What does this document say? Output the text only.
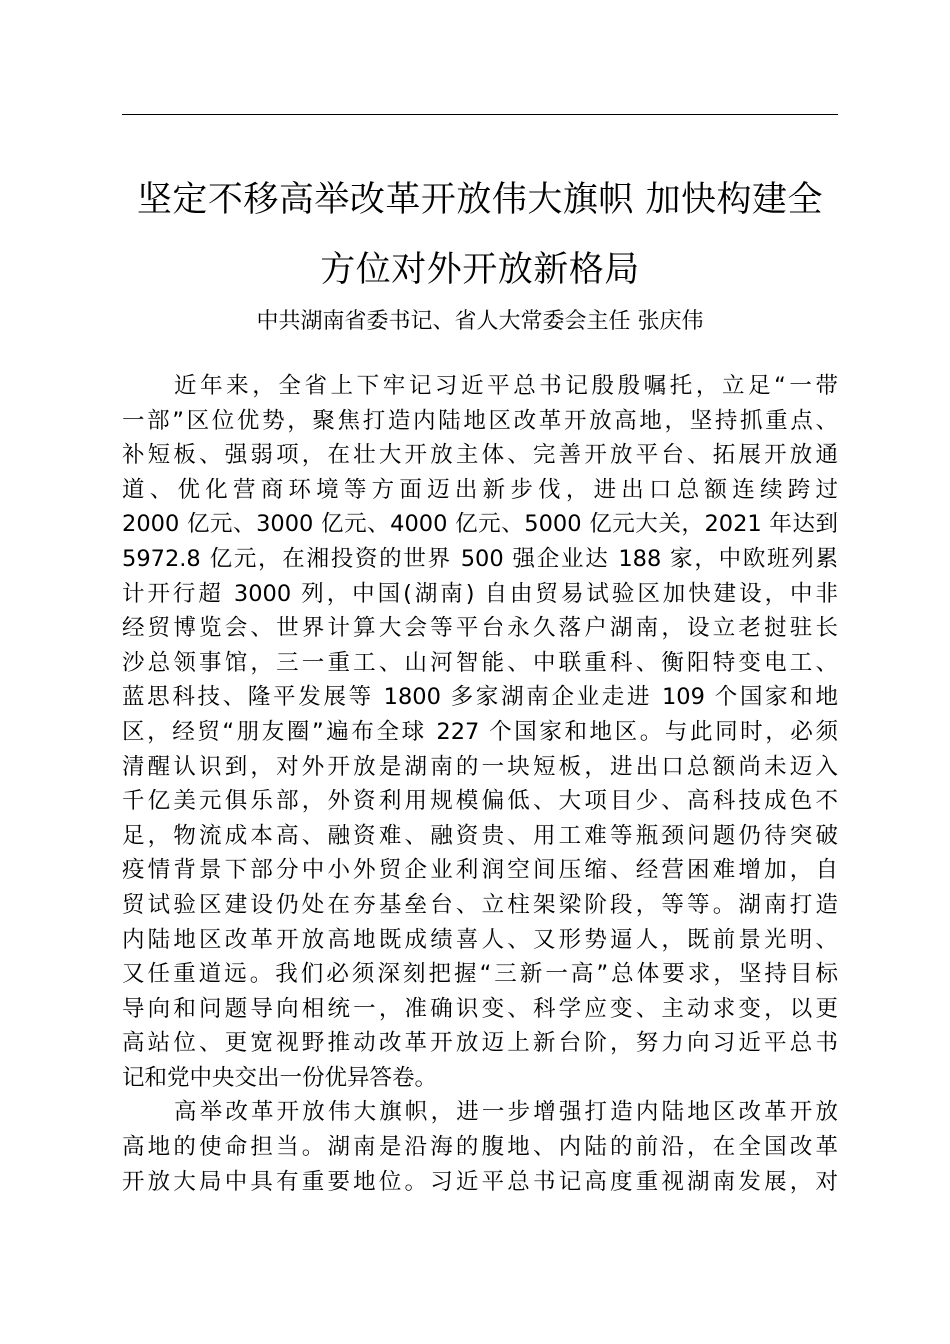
坚定不移高举改革开放伟大旗帜 加快构建全
方位对外开放新格局
中共湖南省委书记、省人大常委会主任 张庆伟
近年来，全省上下牢记习近平总书记殷殷嘱托，立足“一带
一部”区位优势，聚焦打造内陆地区改革开放高地，坚持抓重点、
补短板、强弱项，在壮大开放主体、完善开放平台、拓展开放通
道、优化营商环境等方面迈出新步伐，进出口总额连续跨过
2000 亿元、3000 亿元、4000 亿元、5000 亿元大关，2021 年达到
5972.8 亿元，在湘投资的世界 500 强企业达 188 家，中欧班列累
计开行超 3000 列，中国(湖南) 自由贸易试验区加快建设，中非
经贸博览会、世界计算大会等平台永久落户湖南，设立老挝驻长
沙总领事馆，三一重工、山河智能、中联重科、衡阳特变电工、
蓝思科技、隆平发展等 1800 多家湖南企业走进 109 个国家和地
区，经贸“朋友圈”遍布全球 227 个国家和地区。与此同时，必须
清醒认识到，对外开放是湖南的一块短板，进出口总额尚未迈入
千亿美元俱乐部，外资利用规模偏低、大项目少、高科技成色不
足，物流成本高、融资难、融资贵、用工难等瓶颈问题仍待突破
疫情背景下部分中小外贸企业利润空间压缩、经营困难增加，自
贸试验区建设仍处在夯基垒台、立柱架梁阶段，等等。湖南打造
内陆地区改革开放高地既成绩喜人、又形势逼人，既前景光明、
又任重道远。我们必须深刻把握“三新一高”总体要求，坚持目标
导向和问题导向相统一，准确识变、科学应变、主动求变，以更
高站位、更宽视野推动改革开放迈上新台阶，努力向习近平总书
记和党中央交出一份优异答卷。
高举改革开放伟大旗帜，进一步增强打造内陆地区改革开放
高地的使命担当。湖南是沿海的腹地、内陆的前沿，在全国改革
开放大局中具有重要地位。习近平总书记高度重视湖南发展，对
